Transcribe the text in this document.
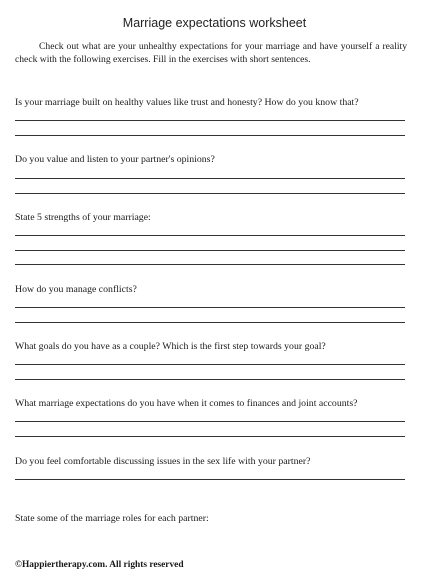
Marriage expectations worksheet

Check out what are your unhealthy expectations for your marriage and have yourself a reality check with the following exercises. Fill in the exercises with short sentences.

Is your marriage built on healthy values like trust and honesty? How do you know that?
Do you value and listen to your partner's opinions?
State 5 strengths of your marriage:
How do you manage conflicts?
What goals do you have as a couple? Which is the first step towards your goal?
What marriage expectations do you have when it comes to finances and joint accounts?
Do you feel comfortable discussing issues in the sex life with your partner?
State some of the marriage roles for each partner:
©Happiertherapy.com. All rights reserved
